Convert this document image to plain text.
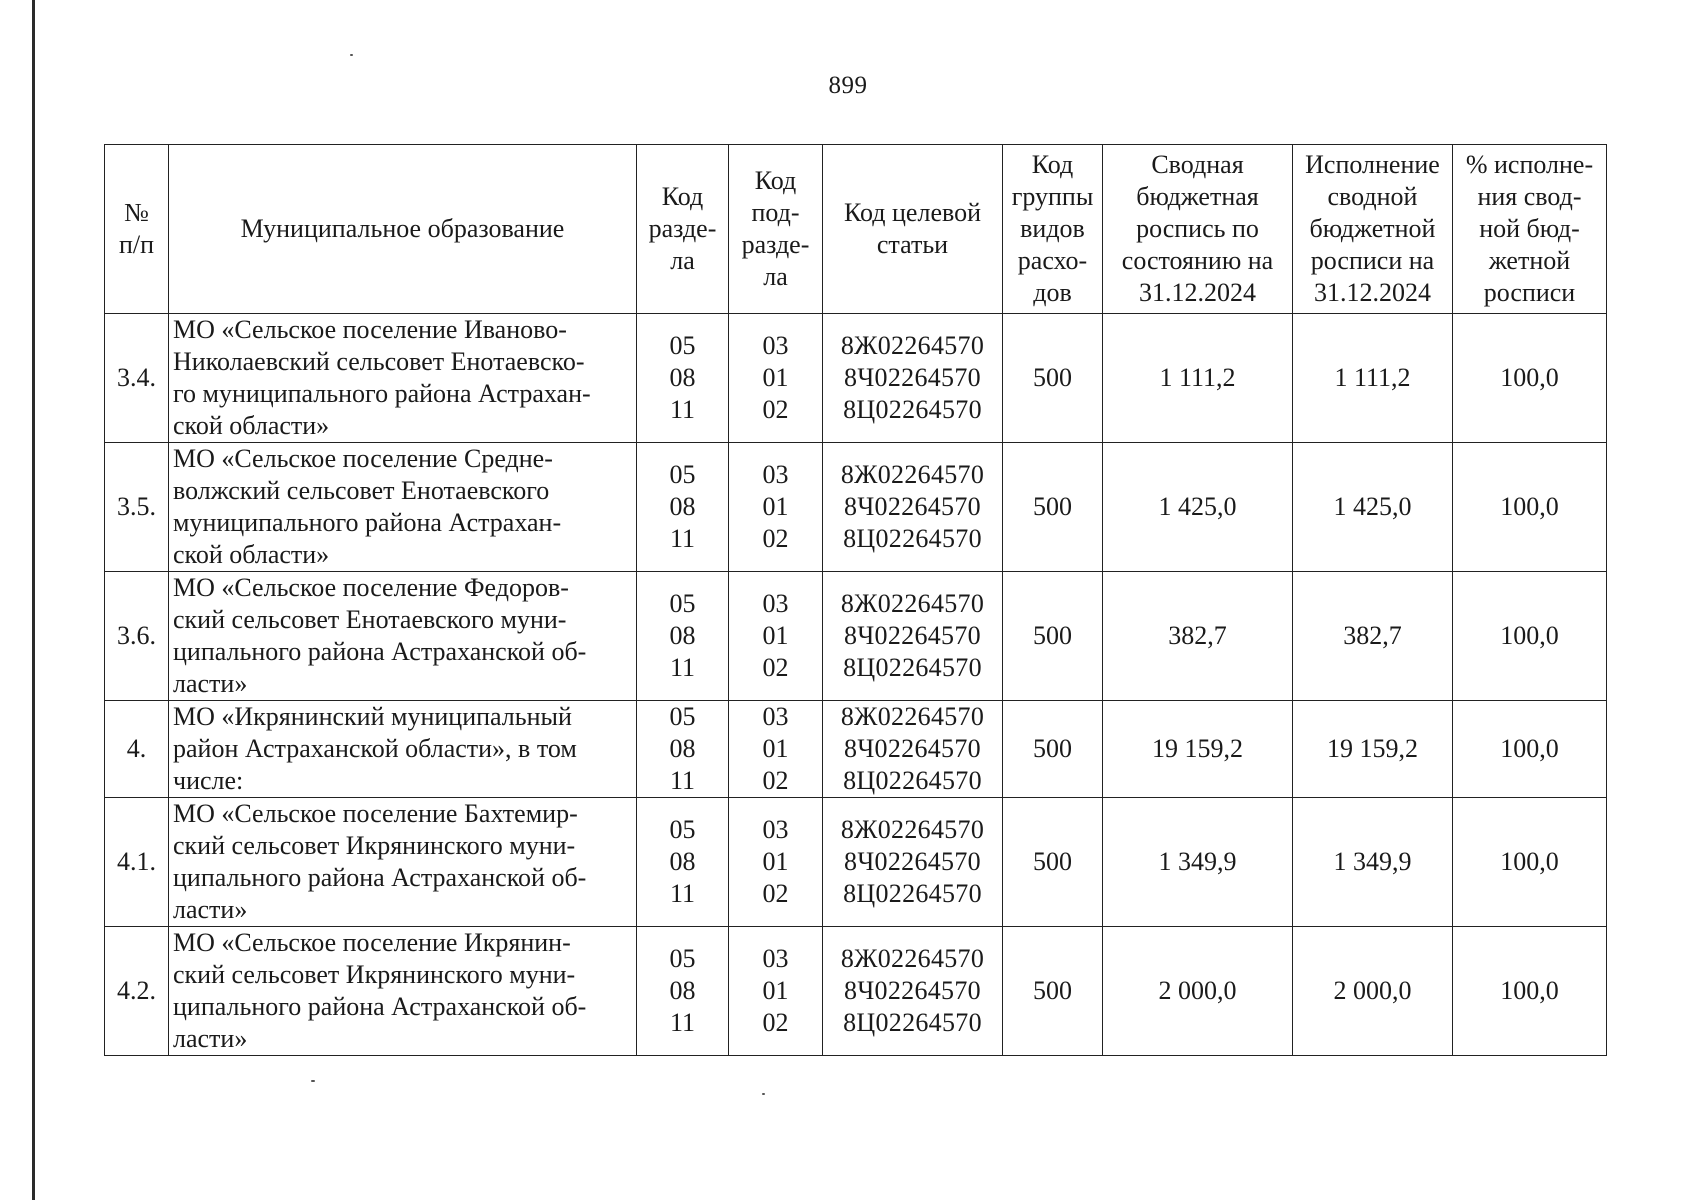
899
№
п/п	Муниципальное образование	Код
разде-
ла	Код
под-
разде-
ла	Код целевой
статьи	Код
группы
видов
расхо-
дов	Сводная
бюджетная
роспись по
состоянию на
31.12.2024	Исполнение
сводной
бюджетной
росписи на
31.12.2024	% исполне-
ния свод-
ной бюд-
жетной
росписи

3.4.	МО «Сельское поселение Иваново-
Николаевский сельсовет Енотаевско-
го муниципального района Астрахан-
ской области»	05
08
11	03
01
02	8Ж02264570
8Ч02264570
8Ц02264570	500	1 111,2	1 111,2	100,0
3.5.	МО «Сельское поселение Средне-
волжский сельсовет Енотаевского
муниципального района Астрахан-
ской области»	05
08
11	03
01
02	8Ж02264570
8Ч02264570
8Ц02264570	500	1 425,0	1 425,0	100,0
3.6.	МО «Сельское поселение Федоров-
ский сельсовет Енотаевского муни-
ципального района Астраханской об-
ласти»	05
08
11	03
01
02	8Ж02264570
8Ч02264570
8Ц02264570	500	382,7	382,7	100,0
4.	МО «Икрянинский муниципальный
район Астраханской области», в том
числе:	05
08
11	03
01
02	8Ж02264570
8Ч02264570
8Ц02264570	500	19 159,2	19 159,2	100,0
4.1.	МО «Сельское поселение Бахтемир-
ский сельсовет Икрянинского муни-
ципального района Астраханской об-
ласти»	05
08
11	03
01
02	8Ж02264570
8Ч02264570
8Ц02264570	500	1 349,9	1 349,9	100,0
4.2.	МО «Сельское поселение Икрянин-
ский сельсовет Икрянинского муни-
ципального района Астраханской об-
ласти»	05
08
11	03
01
02	8Ж02264570
8Ч02264570
8Ц02264570	500	2 000,0	2 000,0	100,0
